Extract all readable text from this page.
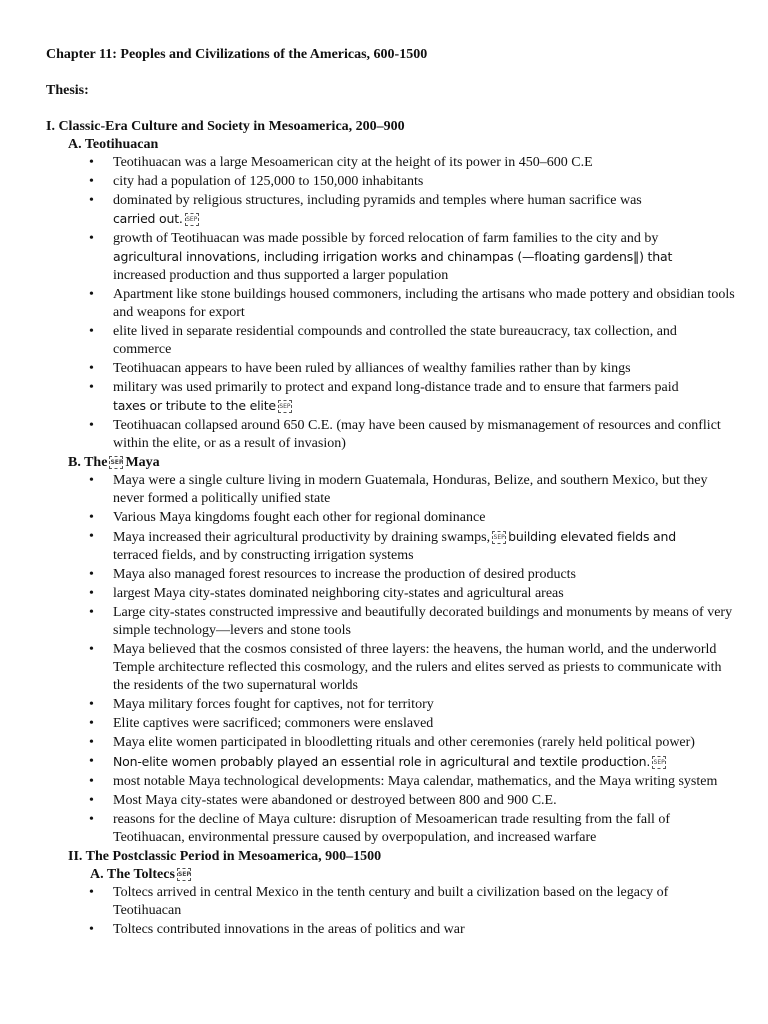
Chapter 11: Peoples and Civilizations of the Americas, 600-1500
Thesis:
I. Classic-Era Culture and Society in Mesoamerica, 200–900
A. Teotihuacan
• Teotihuacan was a large Mesoamerican city at the height of its power in 450–600 C.E
• city had a population of 125,000 to 150,000 inhabitants
• dominated by religious structures, including pyramids and temples where human sacrifice was
carried out. SEP
• growth of Teotihuacan was made possible by forced relocation of farm families to the city and by
agricultural innovations, including irrigation works and chinampas (—floating gardens‖) that
increased production and thus supported a larger population
• Apartment like stone buildings housed commoners, including the artisans who made pottery and obsidian tools and weapons for export
• elite lived in separate residential compounds and controlled the state bureaucracy, tax collection, and commerce
• Teotihuacan appears to have been ruled by alliances of wealthy families rather than by kings
• military was used primarily to protect and expand long-distance trade and to ensure that farmers paid
taxes or tribute to the elite SEP
• Teotihuacan collapsed around 650 C.E. (may have been caused by mismanagement of resources and conflict within the elite, or as a result of invasion)
B. The SEP Maya
• Maya were a single culture living in modern Guatemala, Honduras, Belize, and southern Mexico, but they never formed a politically unified state
• Various Maya kingdoms fought each other for regional dominance
• Maya increased their agricultural productivity by draining swamps, SEP building elevated fields and
terraced fields, and by constructing irrigation systems
• Maya also managed forest resources to increase the production of desired products
• largest Maya city-states dominated neighboring city-states and agricultural areas
• Large city-states constructed impressive and beautifully decorated buildings and monuments by means of very simple technology—levers and stone tools
• Maya believed that the cosmos consisted of three layers: the heavens, the human world, and the underworld Temple architecture reflected this cosmology, and the rulers and elites served as priests to communicate with the residents of the two supernatural worlds
• Maya military forces fought for captives, not for territory
• Elite captives were sacrificed; commoners were enslaved
• Maya elite women participated in bloodletting rituals and other ceremonies (rarely held political power)
• Non-elite women probably played an essential role in agricultural and textile production. SEP
• most notable Maya technological developments: Maya calendar, mathematics, and the Maya writing system
• Most Maya city-states were abandoned or destroyed between 800 and 900 C.E.
• reasons for the decline of Maya culture: disruption of Mesoamerican trade resulting from the fall of Teotihuacan, environmental pressure caused by overpopulation, and increased warfare
II. The Postclassic Period in Mesoamerica, 900–1500
A. The Toltecs SEP
• Toltecs arrived in central Mexico in the tenth century and built a civilization based on the legacy of Teotihuacan
• Toltecs contributed innovations in the areas of politics and war
